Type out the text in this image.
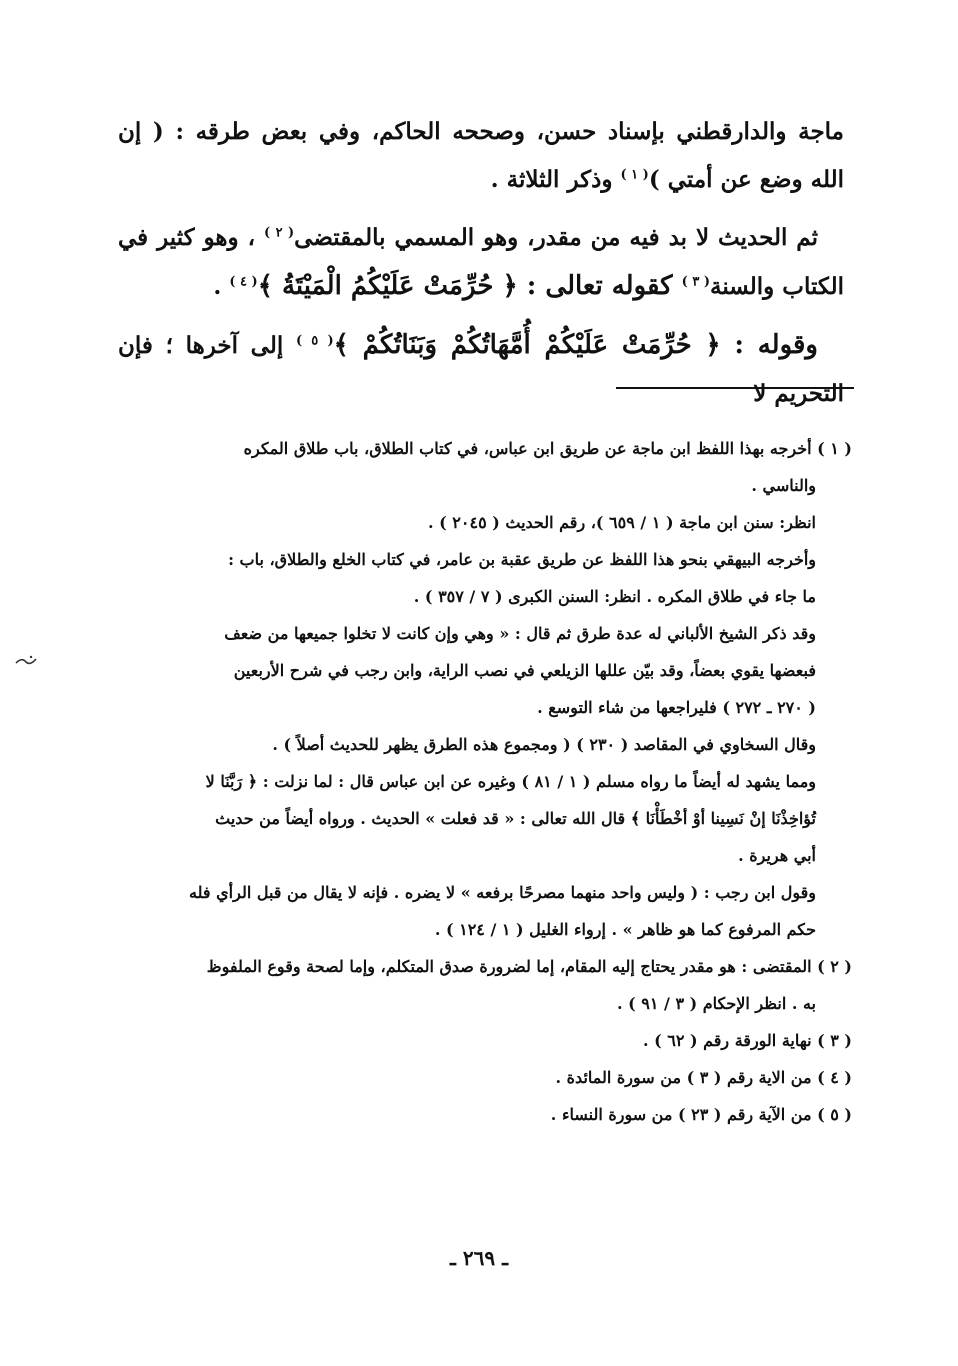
ماجة والدارقطني بإسناد حسن، وصححه الحاكم، وفي بعض طرقه : ( إن الله وضع عن أمتي )$^{( ١ )}$ وذكر الثلاثة .

ثم الحديث لا بد فيه من مقدر، وهو المسمي بالمقتضى$^{( ٢ )}$ ، وهو كثير في الكتاب والسنة$^{( ٣ )}$ كقوله تعالى : ﴿ حُرِّمَتْ عَلَيْكُمُ الْمَيْتَةُ ﴾$^{( ٤ )}$ .

وقوله : ﴿ حُرِّمَتْ عَلَيْكُمْ أُمَّهَاتُكُمْ وَبَنَاتُكُمْ ﴾$^{( ٥ )}$ إلى آخرها ؛ فإن التحريم لا

( ١ ) أخرجه بهذا اللفظ ابن ماجة عن طريق ابن عباس، في كتاب الطلاق، باب طلاق المكره

والناسي .

انظر: سنن ابن ماجة ( ١ / ٦٥٩ )، رقم الحديث ( ٢٠٤٥ ) .

وأخرجه البيهقي بنحو هذا اللفظ عن طريق عقبة بن عامر، في كتاب الخلع والطلاق، باب :

ما جاء في طلاق المكره . انظر: السنن الكبرى ( ٧ / ٣٥٧ ) .

وقد ذكر الشيخ الألباني له عدة طرق ثم قال : « وهي وإن كانت لا تخلوا جميعها من ضعف

فبعضها يقوي بعضاً، وقد بيّن عللها الزيلعي في نصب الراية، وابن رجب في شرح الأربعين

( ٢٧٠ ـ ٢٧٢ ) فليراجعها من شاء التوسع .

وقال السخاوي في المقاصد ( ٢٣٠ ) ( ومجموع هذه الطرق يظهر للحديث أصلاً ) .

ومما يشهد له أيضاً ما رواه مسلم ( ١ / ٨١ ) وغيره عن ابن عباس قال : لما نزلت : ﴿ رَبَّنَا لا

تُؤاخِذْنَا إنْ نَسِينا أوْ أخْطَأْنَا ﴾ قال الله تعالى : « قد فعلت » الحديث . ورواه أيضاً من حديث

أبي هريرة .

وقول ابن رجب : ( وليس واحد منهما مصرحًا برفعه » لا يضره . فإنه لا يقال من قبل الرأي فله

حكم المرفوع كما هو ظاهر » . إرواء الغليل ( ١ / ١٢٤ ) .

( ٢ ) المقتضى : هو مقدر يحتاج إليه المقام، إما لضرورة صدق المتكلم، وإما لصحة وقوع الملفوظ

به . انظر الإحكام ( ٣ / ٩١ ) .

( ٣ ) نهاية الورقة رقم ( ٦٢ ) .

( ٤ ) من الاية رقم ( ٣ ) من سورة المائدة .

( ٥ ) من الآية رقم ( ٢٣ ) من سورة النساء .

ـ ٢٦٩ ـ
